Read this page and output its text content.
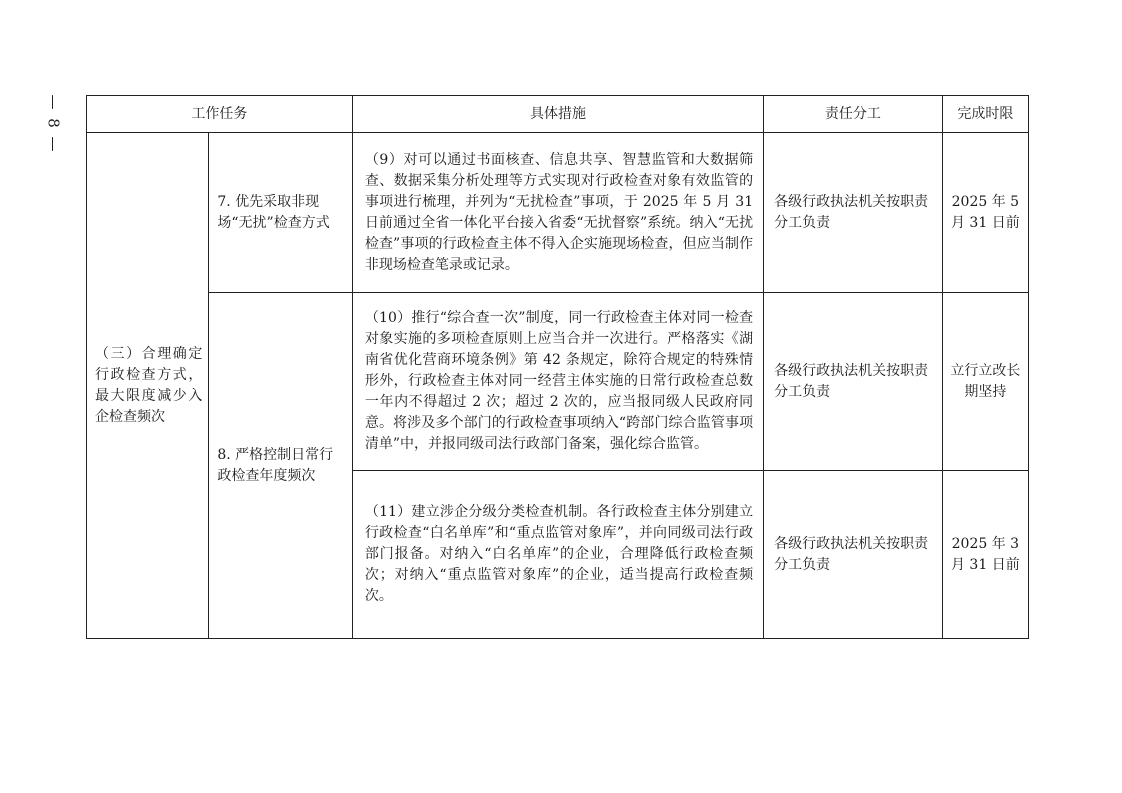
— 8 —	工作任务		具体措施	责任分工	完成时限
（三）合理确定行政检查方式，最大限度减少入企检查频次	7. 优先采取非现场“无扰”检查方式	（9）对可以通过书面核查、信息共享、智慧监管和大数据筛查、数据采集分析处理等方式实现对行政检查对象有效监管的事项进行梳理，并列为“无扰检查”事项，于 2025 年 5 月 31 日前通过全省一体化平台接入省委“无扰督察”系统。纳入“无扰检查”事项的行政检查主体不得入企实施现场检查，但应当制作非现场检查笔录或记录。	各级行政执法机关按职责分工负责	2025 年 5 月 31 日前
	8. 严格控制日常行政检查年度频次	（10）推行“综合查一次”制度，同一行政检查主体对同一检查对象实施的多项检查原则上应当合并一次进行。严格落实《湖南省优化营商环境条例》第 42 条规定，除符合规定的特殊情形外，行政检查主体对同一经营主体实施的日常行政检查总数一年内不得超过 2 次；超过 2 次的，应当报同级人民政府同意。将涉及多个部门的行政检查事项纳入“跨部门综合监管事项清单”中，并报同级司法行政部门备案，强化综合监管。	各级行政执法机关按职责分工负责	立行立改长期坚持
		（11）建立涉企分级分类检查机制。各行政检查主体分别建立行政检查“白名单库”和“重点监管对象库”，并向同级司法行政部门报备。对纳入“白名单库”的企业，合理降低行政检查频次；对纳入“重点监管对象库”的企业，适当提高行政检查频次。	各级行政执法机关按职责分工负责	2025 年 3 月 31 日前
